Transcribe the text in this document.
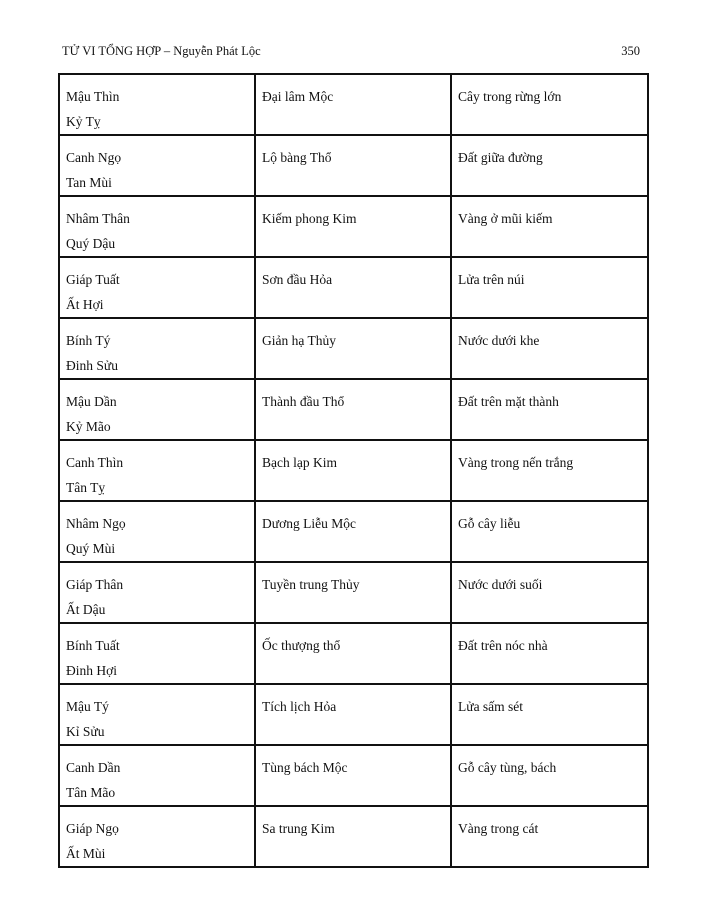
TỬ VI TỔNG HỢP – Nguyễn Phát Lộc	350
Mậu Thìn
Kỷ Tỵ	Đại lâm Mộc	Cây trong rừng lớn

Canh Ngọ
Tan Mùi	Lộ bàng Thổ	Đất giữa đường

Nhâm Thân
Quý Dậu	Kiếm phong Kim	Vàng ở mũi kiếm

Giáp Tuất
Ất Hợi	Sơn đầu Hỏa	Lửa trên núi

Bính Tý
Đinh Sửu	Giản hạ Thủy	Nước dưới khe

Mậu Dần
Kỷ Mão	Thành đầu Thổ	Đất trên mặt thành

Canh Thìn
Tân Tỵ	Bạch lạp Kim	Vàng trong nến trắng

Nhâm Ngọ
Quý Mùi	Dương Liễu Mộc	Gỗ cây liễu

Giáp Thân
Ất Dậu	Tuyền trung Thủy	Nước dưới suối

Bính Tuất
Đinh Hợi	Ốc thượng thổ	Đất trên nóc nhà

Mậu Tý
Kỉ Sửu	Tích lịch Hỏa	Lửa sấm sét

Canh Dần
Tân Mão	Tùng bách Mộc	Gỗ cây tùng, bách

Giáp Ngọ
Ất Mùi	Sa trung Kim	Vàng trong cát
